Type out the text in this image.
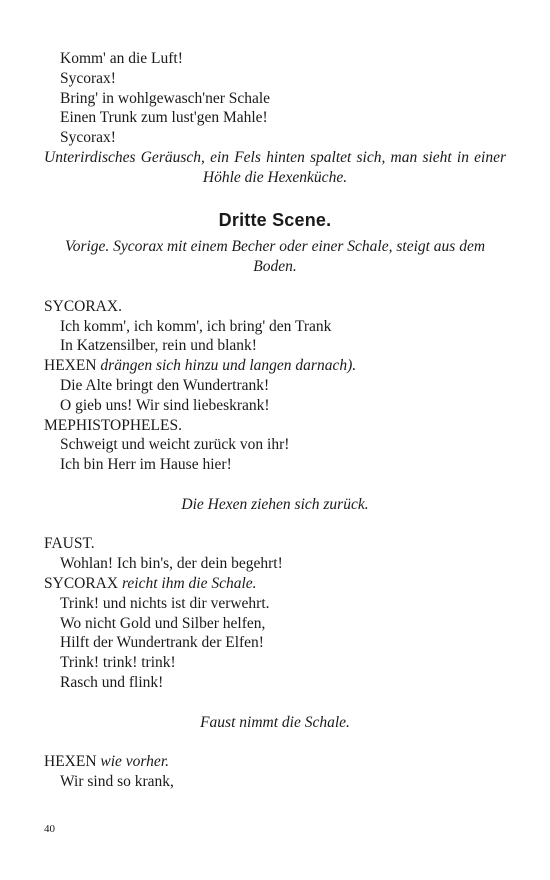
Komm' an die Luft!
Sycorax!
Bring' in wohlgewasch'ner Schale
Einen Trunk zum lust'gen Mahle!
Sycorax!
Unterirdisches Geräusch, ein Fels hinten spaltet sich, man sieht in einer
Höhle die Hexenküche.
Dritte Scene.
Vorige. Sycorax mit einem Becher oder einer Schale, steigt aus dem
Boden.
SYCORAX.
Ich komm', ich komm', ich bring' den Trank
In Katzensilber, rein und blank!
HEXEN drängen sich hinzu und langen darnach).
Die Alte bringt den Wundertrank!
O gieb uns! Wir sind liebeskrank!
MEPHISTOPHELES.
Schweigt und weicht zurück von ihr!
Ich bin Herr im Hause hier!
Die Hexen ziehen sich zurück.
FAUST.
Wohlan! Ich bin's, der dein begehrt!
SYCORAX reicht ihm die Schale.
Trink! und nichts ist dir verwehrt.
Wo nicht Gold und Silber helfen,
Hilft der Wundertrank der Elfen!
Trink! trink! trink!
Rasch und flink!
Faust nimmt die Schale.
HEXEN wie vorher.
Wir sind so krank,
40
